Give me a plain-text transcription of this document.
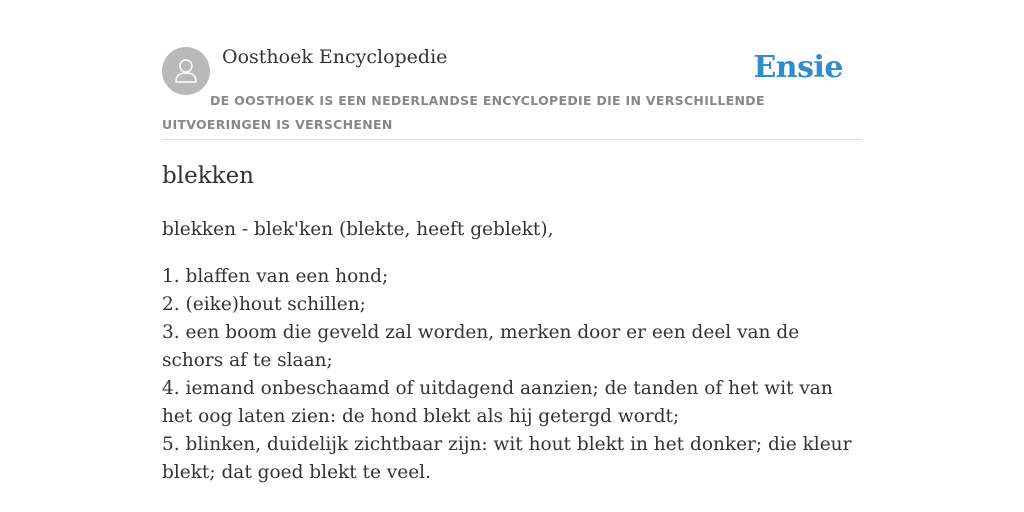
Oosthoek Encyclopedie	Ensie
DE OOSTHOEK IS EEN NEDERLANDSE ENCYCLOPEDIE DIE IN VERSCHILLENDE UITVOERINGEN IS VERSCHENEN
blekken

blekken - blek'ken (blekte, heeft geblekt),

1. blaffen van een hond;
2. (eike)hout schillen;
3. een boom die geveld zal worden, merken door er een deel van de schors af te slaan;
4. iemand onbeschaamd of uitdagend aanzien; de tanden of het wit van het oog laten zien: de hond blekt als hij getergd wordt;
5. blinken, duidelijk zichtbaar zijn: wit hout blekt in het donker; die kleur blekt; dat goed blekt te veel.
